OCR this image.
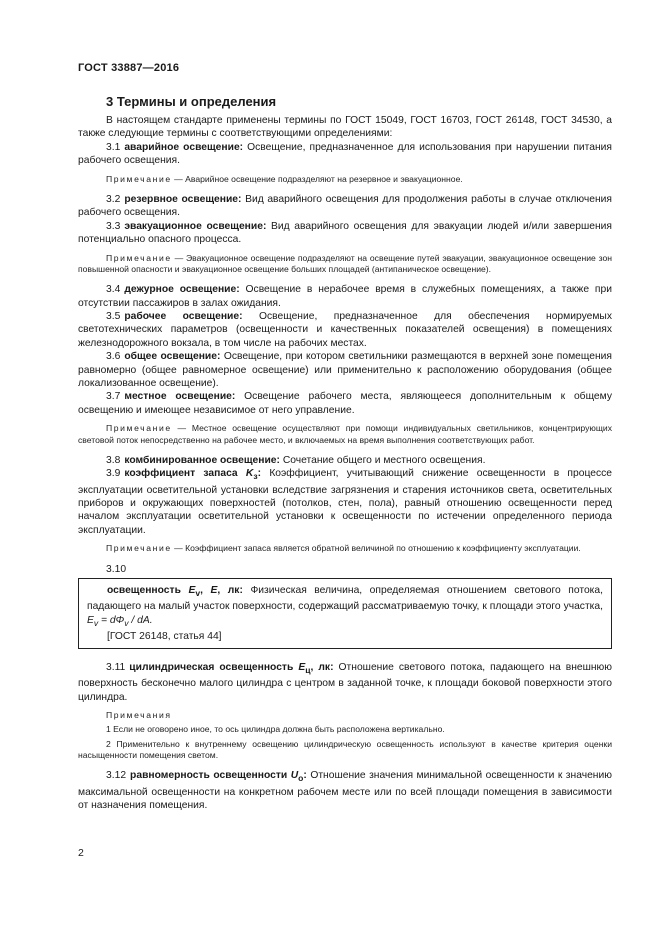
ГОСТ 33887—2016
3 Термины и определения

В настоящем стандарте применены термины по ГОСТ 15049, ГОСТ 16703, ГОСТ 26148, ГОСТ 34530, а также следующие термины с соответствующими определениями:

3.1 аварийное освещение: Освещение, предназначенное для использования при нарушении питания рабочего освещения.

Примечание — Аварийное освещение подразделяют на резервное и эвакуационное.

3.2 резервное освещение: Вид аварийного освещения для продолжения работы в случае отключения рабочего освещения.

3.3 эвакуационное освещение: Вид аварийного освещения для эвакуации людей и/или завершения потенциально опасного процесса.

Примечание — Эвакуационное освещение подразделяют на освещение путей эвакуации, эвакуационное освещение зон повышенной опасности и эвакуационное освещение больших площадей (антипаническое освещение).

3.4 дежурное освещение: Освещение в нерабочее время в служебных помещениях, а также при отсутствии пассажиров в залах ожидания.

3.5 рабочее освещение: Освещение, предназначенное для обеспечения нормируемых светотехнических параметров (освещенности и качественных показателей освещения) в помещениях железнодорожного вокзала, в том числе на рабочих местах.

3.6 общее освещение: Освещение, при котором светильники размещаются в верхней зоне помещения равномерно (общее равномерное освещение) или применительно к расположению оборудования (общее локализованное освещение).

3.7 местное освещение: Освещение рабочего места, являющееся дополнительным к общему освещению и имеющее независимое от него управление.

Примечание — Местное освещение осуществляют при помощи индивидуальных светильников, концентрирующих световой поток непосредственно на рабочее место, и включаемых на время выполнения соответствующих работ.

3.8 комбинированное освещение: Сочетание общего и местного освещения.

3.9 коэффициент запаса $K_з$: Коэффициент, учитывающий снижение освещенности в процессе эксплуатации осветительной установки вследствие загрязнения и старения источников света, осветительных приборов и окружающих поверхностей (потолков, стен, пола), равный отношению освещенности перед началом эксплуатации осветительной установки к освещенности по истечении определенного периода эксплуатации.

Примечание — Коэффициент запаса является обратной величиной по отношению к коэффициенту эксплуатации.

3.10

освещенность $E_v$, E, лк: Физическая величина, определяемая отношением светового потока, падающего на малый участок поверхности, содержащий рассматриваемую точку, к площади этого участка, $E_v = d\Phi_v$ / dA.

[ГОСТ 26148, статья 44]

3.11 цилиндрическая освещенность $E_ц$, лк: Отношение светового потока, падающего на внешнюю поверхность бесконечно малого цилиндра с центром в заданной точке, к площади боковой поверхности этого цилиндра.

Примечания

1 Если не оговорено иное, то ось цилиндра должна быть расположена вертикально.

2 Применительно к внутреннему освещению цилиндрическую освещенность используют в качестве критерия оценки насыщенности помещения светом.

3.12 равномерность освещенности $U_о$: Отношение значения минимальной освещенности к значению максимальной освещенности на конкретном рабочем месте или по всей площади помещения в зависимости от назначения помещения.

2
